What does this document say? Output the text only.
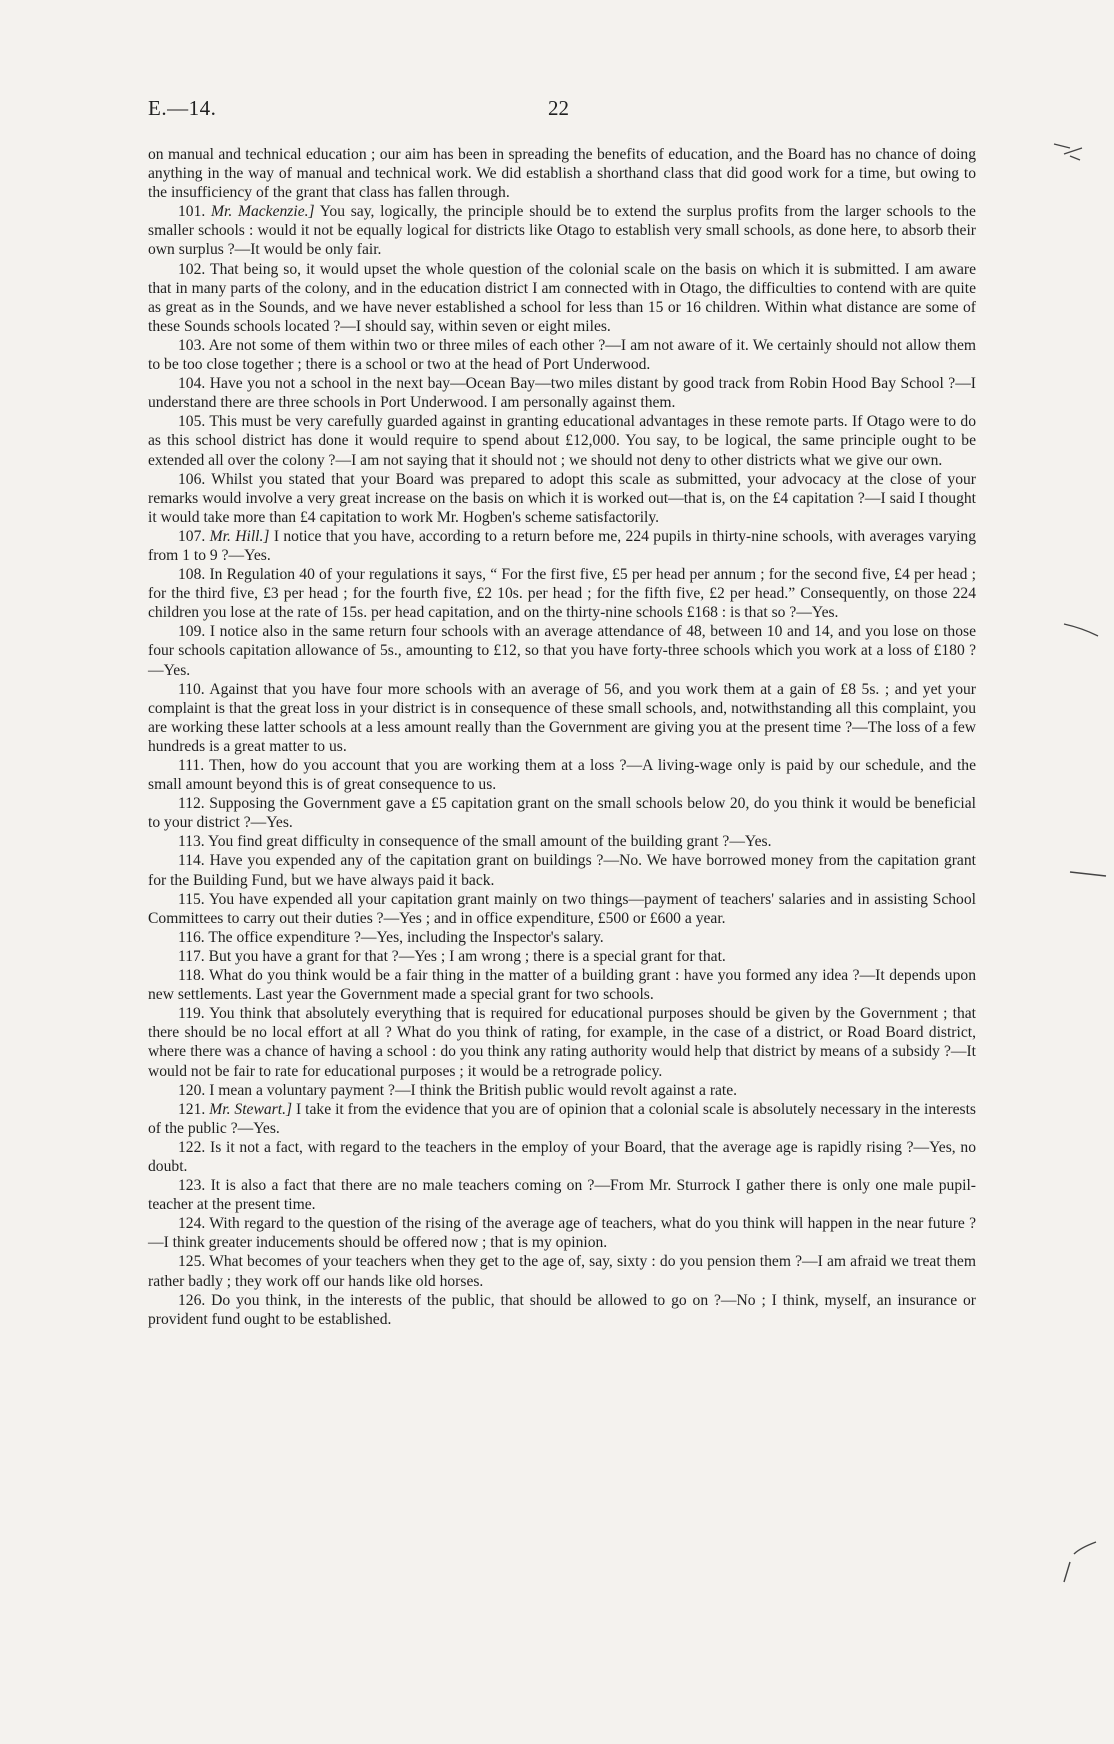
E.—14.	22

on manual and technical education ; our aim has been in spreading the benefits of education, and the Board has no chance of doing anything in the way of manual and technical work. We did establish a shorthand class that did good work for a time, but owing to the insufficiency of the grant that class has fallen through.

101. Mr. Mackenzie.] You say, logically, the principle should be to extend the surplus profits from the larger schools to the smaller schools : would it not be equally logical for districts like Otago to establish very small schools, as done here, to absorb their own surplus ?—It would be only fair.

102. That being so, it would upset the whole question of the colonial scale on the basis on which it is submitted. I am aware that in many parts of the colony, and in the education district I am connected with in Otago, the difficulties to contend with are quite as great as in the Sounds, and we have never established a school for less than 15 or 16 children. Within what distance are some of these Sounds schools located ?—I should say, within seven or eight miles.

103. Are not some of them within two or three miles of each other ?—I am not aware of it. We certainly should not allow them to be too close together ; there is a school or two at the head of Port Underwood.

104. Have you not a school in the next bay—Ocean Bay—two miles distant by good track from Robin Hood Bay School ?—I understand there are three schools in Port Underwood. I am personally against them.

105. This must be very carefully guarded against in granting educational advantages in these remote parts. If Otago were to do as this school district has done it would require to spend about £12,000. You say, to be logical, the same principle ought to be extended all over the colony ?—I am not saying that it should not ; we should not deny to other districts what we give our own.

106. Whilst you stated that your Board was prepared to adopt this scale as submitted, your advocacy at the close of your remarks would involve a very great increase on the basis on which it is worked out—that is, on the £4 capitation ?—I said I thought it would take more than £4 capitation to work Mr. Hogben's scheme satisfactorily.

107. Mr. Hill.] I notice that you have, according to a return before me, 224 pupils in thirty-nine schools, with averages varying from 1 to 9 ?—Yes.

108. In Regulation 40 of your regulations it says, “ For the first five, £5 per head per annum ; for the second five, £4 per head ; for the third five, £3 per head ; for the fourth five, £2 10s. per head ; for the fifth five, £2 per head.” Consequently, on those 224 children you lose at the rate of 15s. per head capitation, and on the thirty-nine schools £168 : is that so ?—Yes.

109. I notice also in the same return four schools with an average attendance of 48, between 10 and 14, and you lose on those four schools capitation allowance of 5s., amounting to £12, so that you have forty-three schools which you work at a loss of £180 ?—Yes.

110. Against that you have four more schools with an average of 56, and you work them at a gain of £8 5s. ; and yet your complaint is that the great loss in your district is in consequence of these small schools, and, notwithstanding all this complaint, you are working these latter schools at a less amount really than the Government are giving you at the present time ?—The loss of a few hundreds is a great matter to us.

111. Then, how do you account that you are working them at a loss ?—A living-wage only is paid by our schedule, and the small amount beyond this is of great consequence to us.

112. Supposing the Government gave a £5 capitation grant on the small schools below 20, do you think it would be beneficial to your district ?—Yes.

113. You find great difficulty in consequence of the small amount of the building grant ?—Yes.

114. Have you expended any of the capitation grant on buildings ?—No. We have borrowed money from the capitation grant for the Building Fund, but we have always paid it back.

115. You have expended all your capitation grant mainly on two things—payment of teachers' salaries and in assisting School Committees to carry out their duties ?—Yes ; and in office expenditure, £500 or £600 a year.

116. The office expenditure ?—Yes, including the Inspector's salary.

117. But you have a grant for that ?—Yes ; I am wrong ; there is a special grant for that.

118. What do you think would be a fair thing in the matter of a building grant : have you formed any idea ?—It depends upon new settlements. Last year the Government made a special grant for two schools.

119. You think that absolutely everything that is required for educational purposes should be given by the Government ; that there should be no local effort at all ? What do you think of rating, for example, in the case of a district, or Road Board district, where there was a chance of having a school : do you think any rating authority would help that district by means of a subsidy ?—It would not be fair to rate for educational purposes ; it would be a retrograde policy.

120. I mean a voluntary payment ?—I think the British public would revolt against a rate.

121. Mr. Stewart.] I take it from the evidence that you are of opinion that a colonial scale is absolutely necessary in the interests of the public ?—Yes.

122. Is it not a fact, with regard to the teachers in the employ of your Board, that the average age is rapidly rising ?—Yes, no doubt.

123. It is also a fact that there are no male teachers coming on ?—From Mr. Sturrock I gather there is only one male pupil-teacher at the present time.

124. With regard to the question of the rising of the average age of teachers, what do you think will happen in the near future ?—I think greater inducements should be offered now ; that is my opinion.

125. What becomes of your teachers when they get to the age of, say, sixty : do you pension them ?—I am afraid we treat them rather badly ; they work off our hands like old horses.

126. Do you think, in the interests of the public, that should be allowed to go on ?—No ; I think, myself, an insurance or provident fund ought to be established.
